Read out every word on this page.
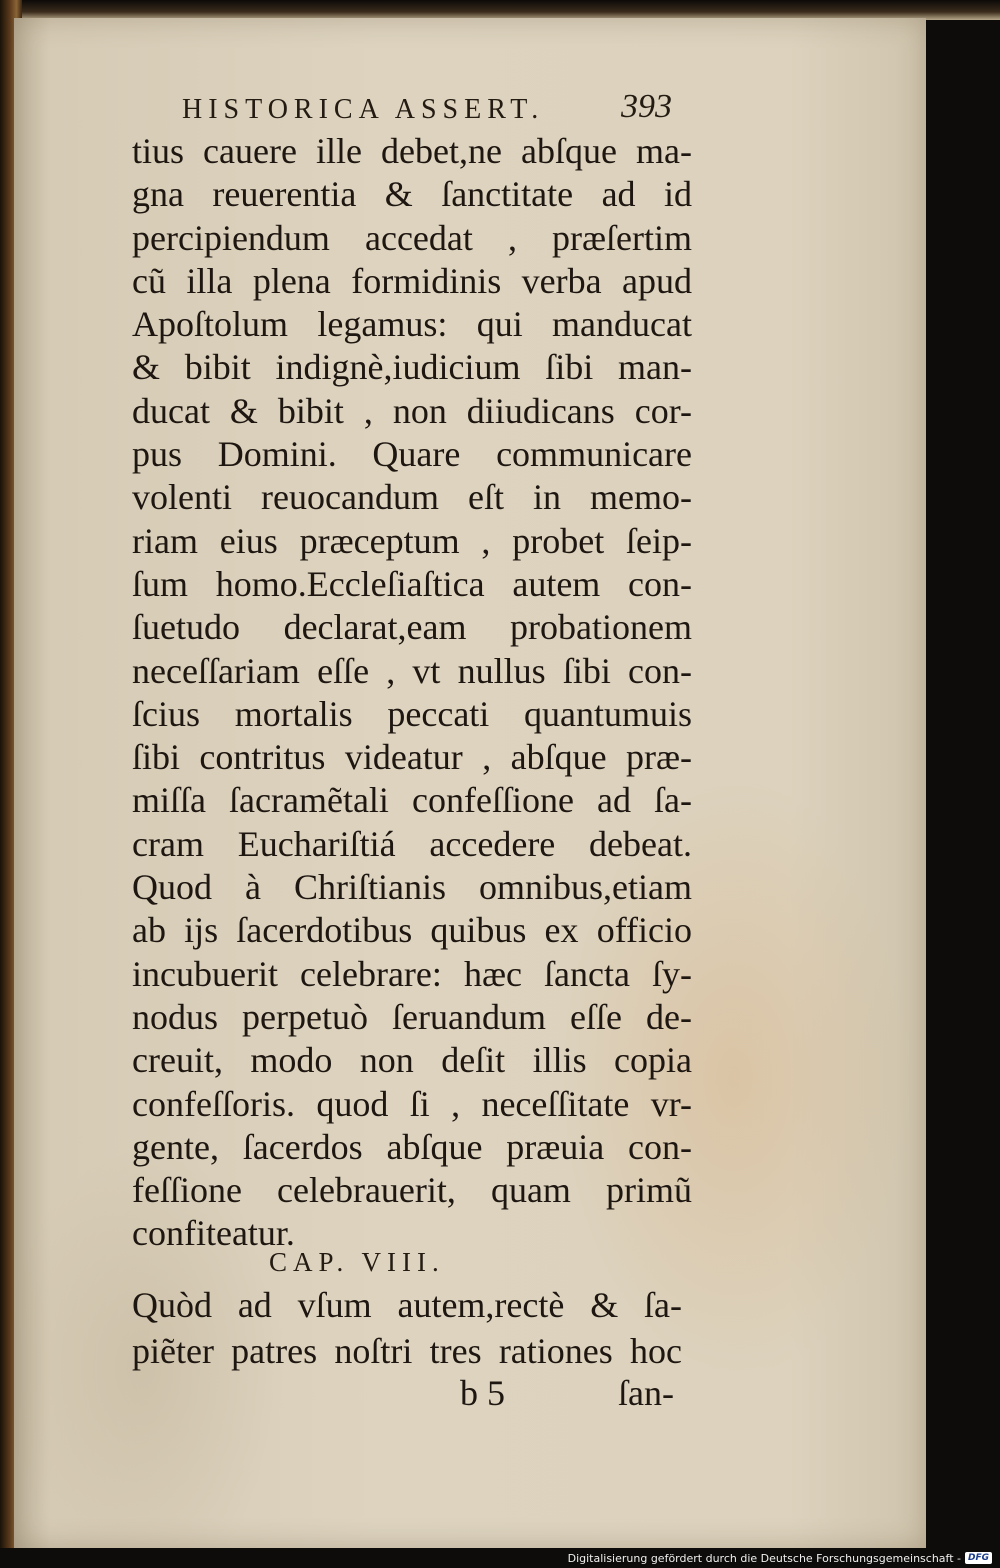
HISTORICA ASSERT. 393
tius cauere ille debet,ne abſque ma-
gna reuerentia & ſanctitate ad id
percipiendum accedat , præſertim
cũ illa plena formidinis verba apud
Apoſtolum legamus: qui manducat
& bibit indignè,iudicium ſibi man-
ducat & bibit , non diiudicans cor-
pus Domini. Quare communicare
volenti reuocandum eſt in memo-
riam eius præceptum , probet ſeip-
ſum homo.Eccleſiaſtica autem con-
ſuetudo declarat,eam probationem
neceſſariam eſſe , vt nullus ſibi con-
ſcius mortalis peccati quantumuis
ſibi contritus videatur , abſque præ-
miſſa ſacramẽtali confeſſione ad ſa-
cram Euchariſtiá accedere debeat.
Quod à Chriſtianis omnibus,etiam
ab ijs ſacerdotibus quibus ex officio
incubuerit celebrare: hæc ſancta ſy-
nodus perpetuò ſeruandum eſſe de-
creuit, modo non deſit illis copia
confeſſoris. quod ſi , neceſſitate vr-
gente, ſacerdos abſque præuia con-
feſſione celebrauerit, quam primũ
confiteatur.
CAP. VIII.
Quòd ad vſum autem,rectè & ſa-
piẽter patres noſtri tres rationes hoc
b 5	ſan-
Digitalisierung gefördert durch die Deutsche Forschungsgemeinschaft - DFG
